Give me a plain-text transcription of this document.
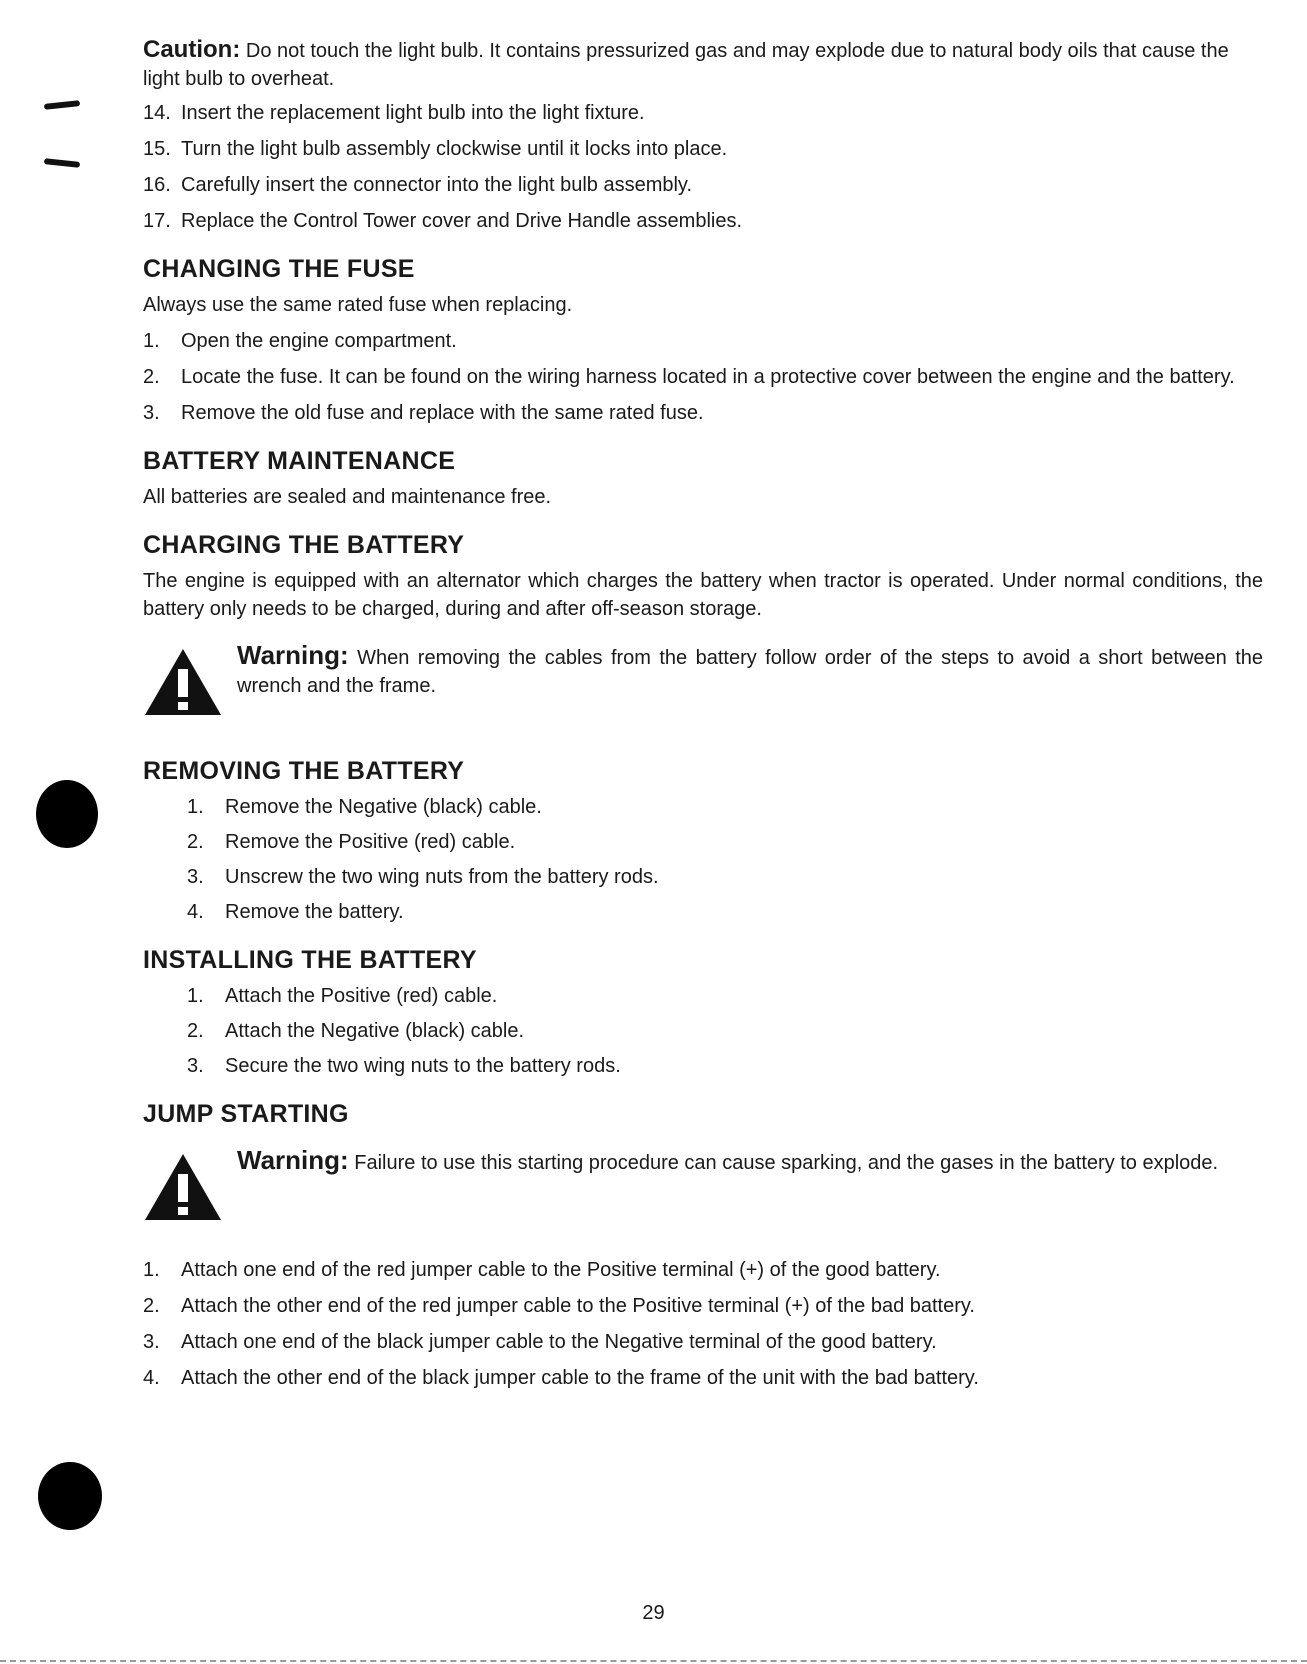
Caution: Do not touch the light bulb. It contains pressurized gas and may explode due to natural body oils that cause the light bulb to overheat.

14. Insert the replacement light bulb into the light fixture.
15. Turn the light bulb assembly clockwise until it locks into place.
16. Carefully insert the connector into the light bulb assembly.
17. Replace the Control Tower cover and Drive Handle assemblies.
CHANGING THE FUSE

Always use the same rated fuse when replacing.

1.	Open the engine compartment.
2.	Locate the fuse. It can be found on the wiring harness located in a protective cover between the engine and the battery.
3.	Remove the old fuse and replace with the same rated fuse.
BATTERY MAINTENANCE

All batteries are sealed and maintenance free.

CHARGING THE BATTERY

The engine is equipped with an alternator which charges the battery when tractor is operated. Under normal conditions, the battery only needs to be charged, during and after off-season storage.

Warning: When removing the cables from the battery follow order of the steps to avoid a short between the wrench and the frame.

REMOVING THE BATTERY
1.	Remove the Negative (black) cable.
2.	Remove the Positive (red) cable.
3.	Unscrew the two wing nuts from the battery rods.
4.	Remove the battery.
INSTALLING THE BATTERY
1.	Attach the Positive (red) cable.
2.	Attach the Negative (black) cable.
3.	Secure the two wing nuts to the battery rods.
JUMP STARTING

Warning: Failure to use this starting procedure can cause sparking, and the gases in the battery to explode.

1.	Attach one end of the red jumper cable to the Positive terminal (+) of the good battery.
2.	Attach the other end of the red jumper cable to the Positive terminal (+) of the bad battery.
3.	Attach one end of the black jumper cable to the Negative terminal of the good battery.
4.	Attach the other end of the black jumper cable to the frame of the unit with the bad battery.
29
